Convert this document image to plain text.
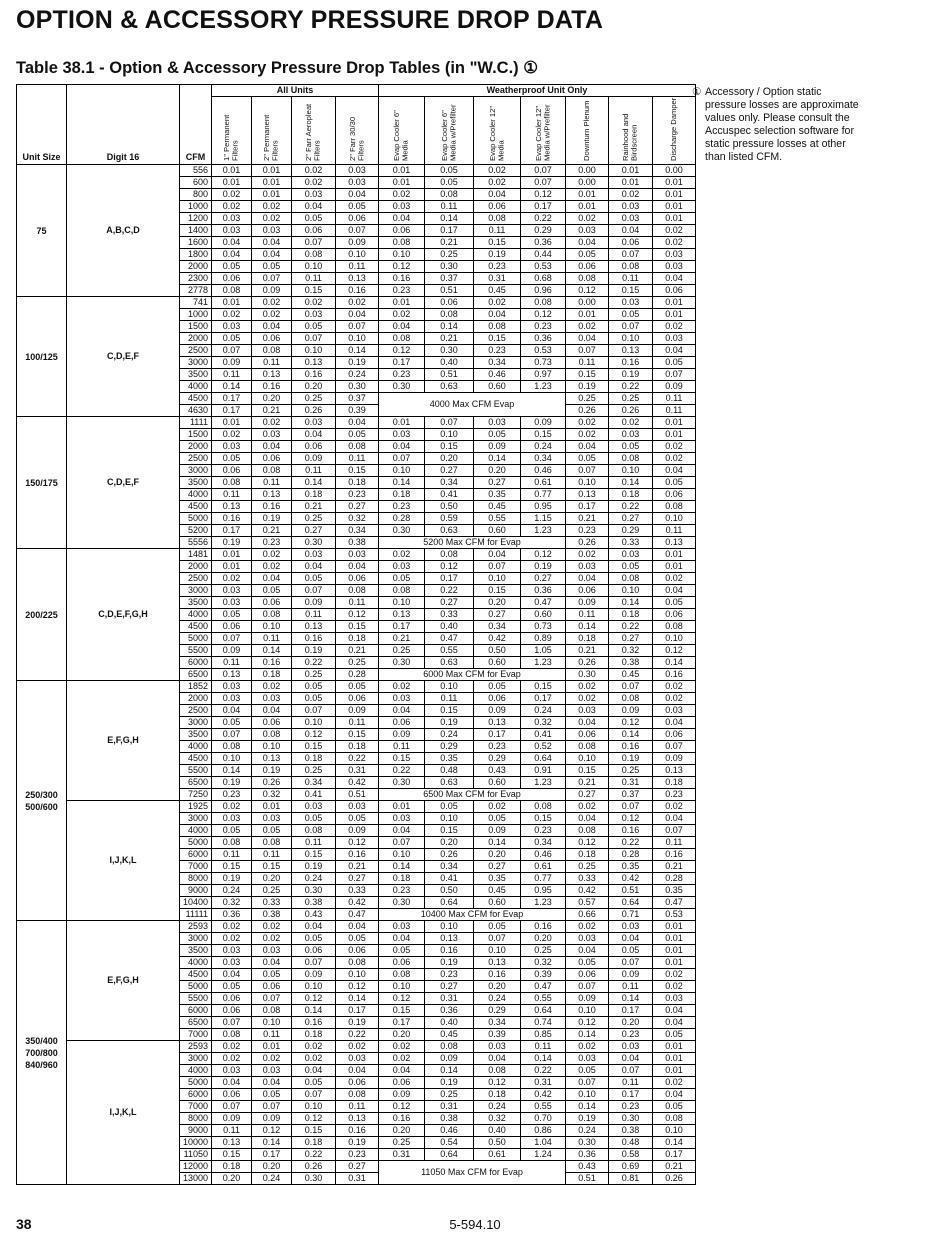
OPTION & ACCESSORY PRESSURE DROP DATA
Table 38.1 - Option & Accessory Pressure Drop Tables (in "W.C.) ①
① Accessory / Option static pressure losses are approximate values only. Please consult the Accuspec selection software for static pressure losses at other than listed CFM.
Unit Size	Digit 16	CFM	All Units				Weatherproof Unit Only						
			1" Permanent Filters	2" Permanent Filters	2" Farr Aeropleat Filters	2" Farr 30/30 Filters	Evap Cooler 6" Media	Evap Cooler 6" Media w/Prefilter	Evap Cooler 12" Media	Evap Cooler 12" Media w/Prefilter	Downturn Plenum	Rainhood and Birdscreen	Discharge Damper
75	A,B,C,D	556	0.01	0.01	0.02	0.03	0.01	0.05	0.02	0.07	0.00	0.01	0.00
		600	0.01	0.01	0.02	0.03	0.01	0.05	0.02	0.07	0.00	0.01	0.01
		800	0.02	0.01	0.03	0.04	0.02	0.08	0.04	0.12	0.01	0.02	0.01
		1000	0.02	0.02	0.04	0.05	0.03	0.11	0.06	0.17	0.01	0.03	0.01
		1200	0.03	0.02	0.05	0.06	0.04	0.14	0.08	0.22	0.02	0.03	0.01
		1400	0.03	0.03	0.06	0.07	0.06	0.17	0.11	0.29	0.03	0.04	0.02
		1600	0.04	0.04	0.07	0.09	0.08	0.21	0.15	0.36	0.04	0.06	0.02
		1800	0.04	0.04	0.08	0.10	0.10	0.25	0.19	0.44	0.05	0.07	0.03
		2000	0.05	0.05	0.10	0.11	0.12	0.30	0.23	0.53	0.06	0.08	0.03
		2300	0.06	0.07	0.11	0.13	0.16	0.37	0.31	0.68	0.08	0.11	0.04
		2778	0.08	0.09	0.15	0.16	0.23	0.51	0.45	0.96	0.12	0.15	0.06
100/125	C,D,E,F	741	0.01	0.02	0.02	0.02	0.01	0.06	0.02	0.08	0.00	0.03	0.01
		1000	0.02	0.02	0.03	0.04	0.02	0.08	0.04	0.12	0.01	0.05	0.01
		1500	0.03	0.04	0.05	0.07	0.04	0.14	0.08	0.23	0.02	0.07	0.02
		2000	0.05	0.06	0.07	0.10	0.08	0.21	0.15	0.36	0.04	0.10	0.03
		2500	0.07	0.08	0.10	0.14	0.12	0.30	0.23	0.53	0.07	0.13	0.04
		3000	0.09	0.11	0.13	0.19	0.17	0.40	0.34	0.73	0.11	0.16	0.05
		3500	0.11	0.13	0.16	0.24	0.23	0.51	0.46	0.97	0.15	0.19	0.07
		4000	0.14	0.16	0.20	0.30	0.30	0.63	0.60	1.23	0.19	0.22	0.09
		4500	0.17	0.20	0.25	0.37	4000 Max CFM Evap				0.25	0.25	0.11
		4630	0.17	0.21	0.26	0.39					0.26	0.26	0.11
150/175	C,D,E,F	1111	0.01	0.02	0.03	0.04	0.01	0.07	0.03	0.09	0.02	0.02	0.01
		1500	0.02	0.03	0.04	0.05	0.03	0.10	0.05	0.15	0.02	0.03	0.01
		2000	0.03	0.04	0.06	0.08	0.04	0.15	0.09	0.24	0.04	0.05	0.02
		2500	0.05	0.06	0.09	0.11	0.07	0.20	0.14	0.34	0.05	0.08	0.02
		3000	0.06	0.08	0.11	0.15	0.10	0.27	0.20	0.46	0.07	0.10	0.04
		3500	0.08	0.11	0.14	0.18	0.14	0.34	0.27	0.61	0.10	0.14	0.05
		4000	0.11	0.13	0.18	0.23	0.18	0.41	0.35	0.77	0.13	0.18	0.06
		4500	0.13	0.16	0.21	0.27	0.23	0.50	0.45	0.95	0.17	0.22	0.08
		5000	0.16	0.19	0.25	0.32	0.28	0.59	0.55	1.15	0.21	0.27	0.10
		5200	0.17	0.21	0.27	0.34	0.30	0.63	0.60	1.23	0.23	0.29	0.11
		5556	0.19	0.23	0.30	0.38	5200 Max CFM for Evap				0.26	0.33	0.13
200/225	C,D,E,F,G,H	1481	0.01	0.02	0.03	0.03	0.02	0.08	0.04	0.12	0.02	0.03	0.01
		2000	0.01	0.02	0.04	0.04	0.03	0.12	0.07	0.19	0.03	0.05	0.01
		2500	0.02	0.04	0.05	0.06	0.05	0.17	0.10	0.27	0.04	0.08	0.02
		3000	0.03	0.05	0.07	0.08	0.08	0.22	0.15	0.36	0.06	0.10	0.04
		3500	0.03	0.06	0.09	0.11	0.10	0.27	0.20	0.47	0.09	0.14	0.05
		4000	0.05	0.08	0.11	0.12	0.13	0.33	0.27	0.60	0.11	0.18	0.06
		4500	0.06	0.10	0.13	0.15	0.17	0.40	0.34	0.73	0.14	0.22	0.08
		5000	0.07	0.11	0.16	0.18	0.21	0.47	0.42	0.89	0.18	0.27	0.10
		5500	0.09	0.14	0.19	0.21	0.25	0.55	0.50	1.05	0.21	0.32	0.12
		6000	0.11	0.16	0.22	0.25	0.30	0.63	0.60	1.23	0.26	0.38	0.14
		6500	0.13	0.18	0.25	0.28	6000 Max CFM for Evap				0.30	0.45	0.16
250/300 500/600	E,F,G,H	1852	0.03	0.02	0.05	0.05	0.02	0.10	0.05	0.15	0.02	0.07	0.02
		2000	0.03	0.03	0.05	0.06	0.03	0.11	0.06	0.17	0.02	0.08	0.02
		2500	0.04	0.04	0.07	0.09	0.04	0.15	0.09	0.24	0.03	0.09	0.03
		3000	0.05	0.06	0.10	0.11	0.06	0.19	0.13	0.32	0.04	0.12	0.04
		3500	0.07	0.08	0.12	0.15	0.09	0.24	0.17	0.41	0.06	0.14	0.06
		4000	0.08	0.10	0.15	0.18	0.11	0.29	0.23	0.52	0.08	0.16	0.07
		4500	0.10	0.13	0.18	0.22	0.15	0.35	0.29	0.64	0.10	0.19	0.09
		5500	0.14	0.19	0.25	0.31	0.22	0.48	0.43	0.91	0.15	0.25	0.13
		6500	0.19	0.26	0.34	0.42	0.30	0.63	0.60	1.23	0.21	0.31	0.18
		7250	0.23	0.32	0.41	0.51	6500 Max CFM for Evap				0.27	0.37	0.23
	I,J,K,L	1925	0.02	0.01	0.03	0.03	0.01	0.05	0.02	0.08	0.02	0.07	0.02
		3000	0.03	0.03	0.05	0.05	0.03	0.10	0.05	0.15	0.04	0.12	0.04
		4000	0.05	0.05	0.08	0.09	0.04	0.15	0.09	0.23	0.08	0.16	0.07
		5000	0.08	0.08	0.11	0.12	0.07	0.20	0.14	0.34	0.12	0.22	0.11
		6000	0.11	0.11	0.15	0.16	0.10	0.26	0.20	0.46	0.18	0.28	0.16
		7000	0.15	0.15	0.19	0.21	0.14	0.34	0.27	0.61	0.25	0.35	0.21
		8000	0.19	0.20	0.24	0.27	0.18	0.41	0.35	0.77	0.33	0.42	0.28
		9000	0.24	0.25	0.30	0.33	0.23	0.50	0.45	0.95	0.42	0.51	0.35
		10400	0.32	0.33	0.38	0.42	0.30	0.64	0.60	1.23	0.57	0.64	0.47
		11111	0.36	0.38	0.43	0.47	10400 Max CFM for Evap				0.66	0.71	0.53
350/400 700/800 840/960	E,F,G,H	2593	0.02	0.02	0.04	0.04	0.03	0.10	0.05	0.16	0.02	0.03	0.01
		3000	0.02	0.02	0.05	0.05	0.04	0.13	0.07	0.20	0.03	0.04	0.01
		3500	0.03	0.03	0.06	0.06	0.05	0.16	0.10	0.25	0.04	0.05	0.01
		4000	0.03	0.04	0.07	0.08	0.06	0.19	0.13	0.32	0.05	0.07	0.01
		4500	0.04	0.05	0.09	0.10	0.08	0.23	0.16	0.39	0.06	0.09	0.02
		5000	0.05	0.06	0.10	0.12	0.10	0.27	0.20	0.47	0.07	0.11	0.02
		5500	0.06	0.07	0.12	0.14	0.12	0.31	0.24	0.55	0.09	0.14	0.03
		6000	0.06	0.08	0.14	0.17	0.15	0.36	0.29	0.64	0.10	0.17	0.04
		6500	0.07	0.10	0.16	0.19	0.17	0.40	0.34	0.74	0.12	0.20	0.04
		7000	0.08	0.11	0.18	0.22	0.20	0.45	0.39	0.85	0.14	0.23	0.05
	I,J,K,L	2593	0.02	0.01	0.02	0.02	0.02	0.08	0.03	0.11	0.02	0.03	0.01
		3000	0.02	0.02	0.02	0.03	0.02	0.09	0.04	0.14	0.03	0.04	0.01
		4000	0.03	0.03	0.04	0.04	0.04	0.14	0.08	0.22	0.05	0.07	0.01
		5000	0.04	0.04	0.05	0.06	0.06	0.19	0.12	0.31	0.07	0.11	0.02
		6000	0.06	0.05	0.07	0.08	0.09	0.25	0.18	0.42	0.10	0.17	0.04
		7000	0.07	0.07	0.10	0.11	0.12	0.31	0.24	0.55	0.14	0.23	0.05
		8000	0.09	0.09	0.12	0.13	0.16	0.38	0.32	0.70	0.19	0.30	0.08
		9000	0.11	0.12	0.15	0.16	0.20	0.46	0.40	0.86	0.24	0.38	0.10
		10000	0.13	0.14	0.18	0.19	0.25	0.54	0.50	1.04	0.30	0.48	0.14
		11050	0.15	0.17	0.22	0.23	0.31	0.64	0.61	1.24	0.36	0.58	0.17
		12000	0.18	0.20	0.26	0.27	11050 Max CFM for Evap				0.43	0.69	0.21
		13000	0.20	0.24	0.30	0.31					0.51	0.81	0.26
38	5-594.10
